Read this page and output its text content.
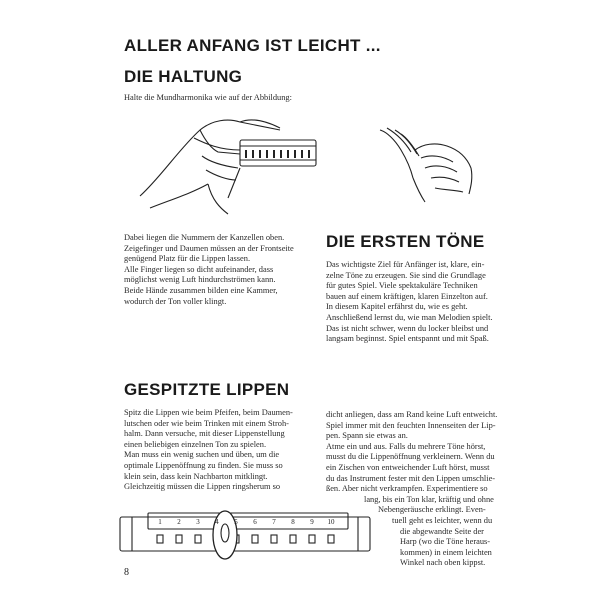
ALLER ANFANG IST LEICHT ...
DIE HALTUNG
Halte die Mundharmonika wie auf der Abbildung:

Dabei liegen die Nummern der Kanzellen oben.

Zeigefinger und Daumen müssen an der Frontseite

genügend Platz für die Lippen lassen.

Alle Finger liegen so dicht aufeinander, dass

möglichst wenig Luft hindurchströmen kann.

Beide Hände zusammen bilden eine Kammer,

wodurch der Ton voller klingt.

DIE ERSTEN TÖNE

Das wichtigste Ziel für Anfänger ist, klare, ein-

zelne Töne zu erzeugen. Sie sind die Grundlage

für gutes Spiel. Viele spektakuläre Techniken

bauen auf einem kräftigen, klaren Einzelton auf.

In diesem Kapitel erfährst du, wie es geht.

Anschließend lernst du, wie man Melodien spielt.

Das ist nicht schwer, wenn du locker bleibst und

langsam beginnst. Spiel entspannt und mit Spaß.

GESPITZTE LIPPEN

Spitz die Lippen wie beim Pfeifen, beim Daumen-

lutschen oder wie beim Trinken mit einem Stroh-

halm. Dann versuche, mit dieser Lippenstellung

einen beliebigen einzelnen Ton zu spielen.

Man muss ein wenig suchen und üben, um die

optimale Lippenöffnung zu finden. Sie muss so

klein sein, dass kein Nachbarton mitklingt.

Gleichzeitig müssen die Lippen ringsherum so

dicht anliegen, dass am Rand keine Luft entweicht.

Spiel immer mit den feuchten Innenseiten der Lip-

pen. Spann sie etwas an.

Atme ein und aus. Falls du mehrere Töne hörst,

musst du die Lippenöffnung verkleinern. Wenn du

ein Zischen von entweichender Luft hörst, musst

du das Instrument fester mit den Lippen umschlie-

ßen. Aber nicht verkrampfen. Experimentiere so

lang, bis ein Ton klar, kräftig und ohne

Nebengeräusche erklingt. Even-

tuell geht es leichter, wenn du

die abgewandte Seite der

Harp (wo die Töne heraus-

kommen) in einem leichten

Winkel nach oben kippst.

1 2 3 4 5 6 7 8 9 10
8
